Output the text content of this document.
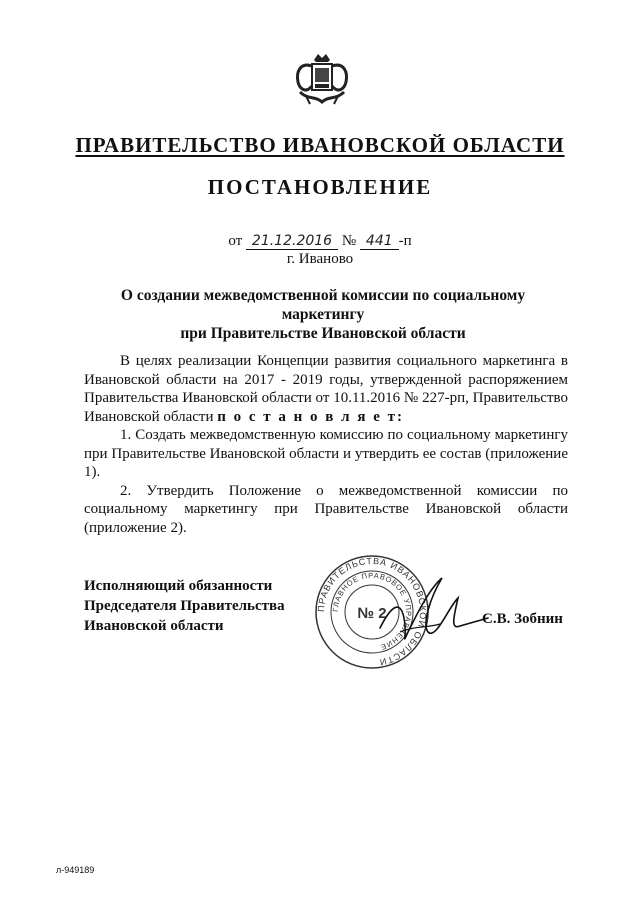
ПРАВИТЕЛЬСТВО ИВАНОВСКОЙ ОБЛАСТИ
ПОСТАНОВЛЕНИЕ
от 21.12.2016 № 441 -п
г. Иваново
О создании межведомственной комиссии по социальному маркетингу
при Правительстве Ивановской области

В целях реализации Концепции развития социального маркетинга в Ивановской области на 2017 - 2019 годы, утвержденной распоряжением Правительства Ивановской области от 10.11.2016 № 227-рп, Правительство Ивановской области п о с т а н о в л я е т:

1. Создать межведомственную комиссию по социальному маркетингу при Правительстве Ивановской области и утвердить ее состав (приложение 1).

2. Утвердить Положение о межведомственной комиссии по социальному маркетингу при Правительстве Ивановской области (приложение 2).

Исполняющий обязанности
Председателя Правительства
Ивановской области
ПРАВИТЕЛЬСТВА ИВАНОВСКОЙ ОБЛАСТИ
ГЛАВНОЕ ПРАВОВОЕ УПРАВЛЕНИЕ
№ 2	С.В. Зобнин
л-949189
